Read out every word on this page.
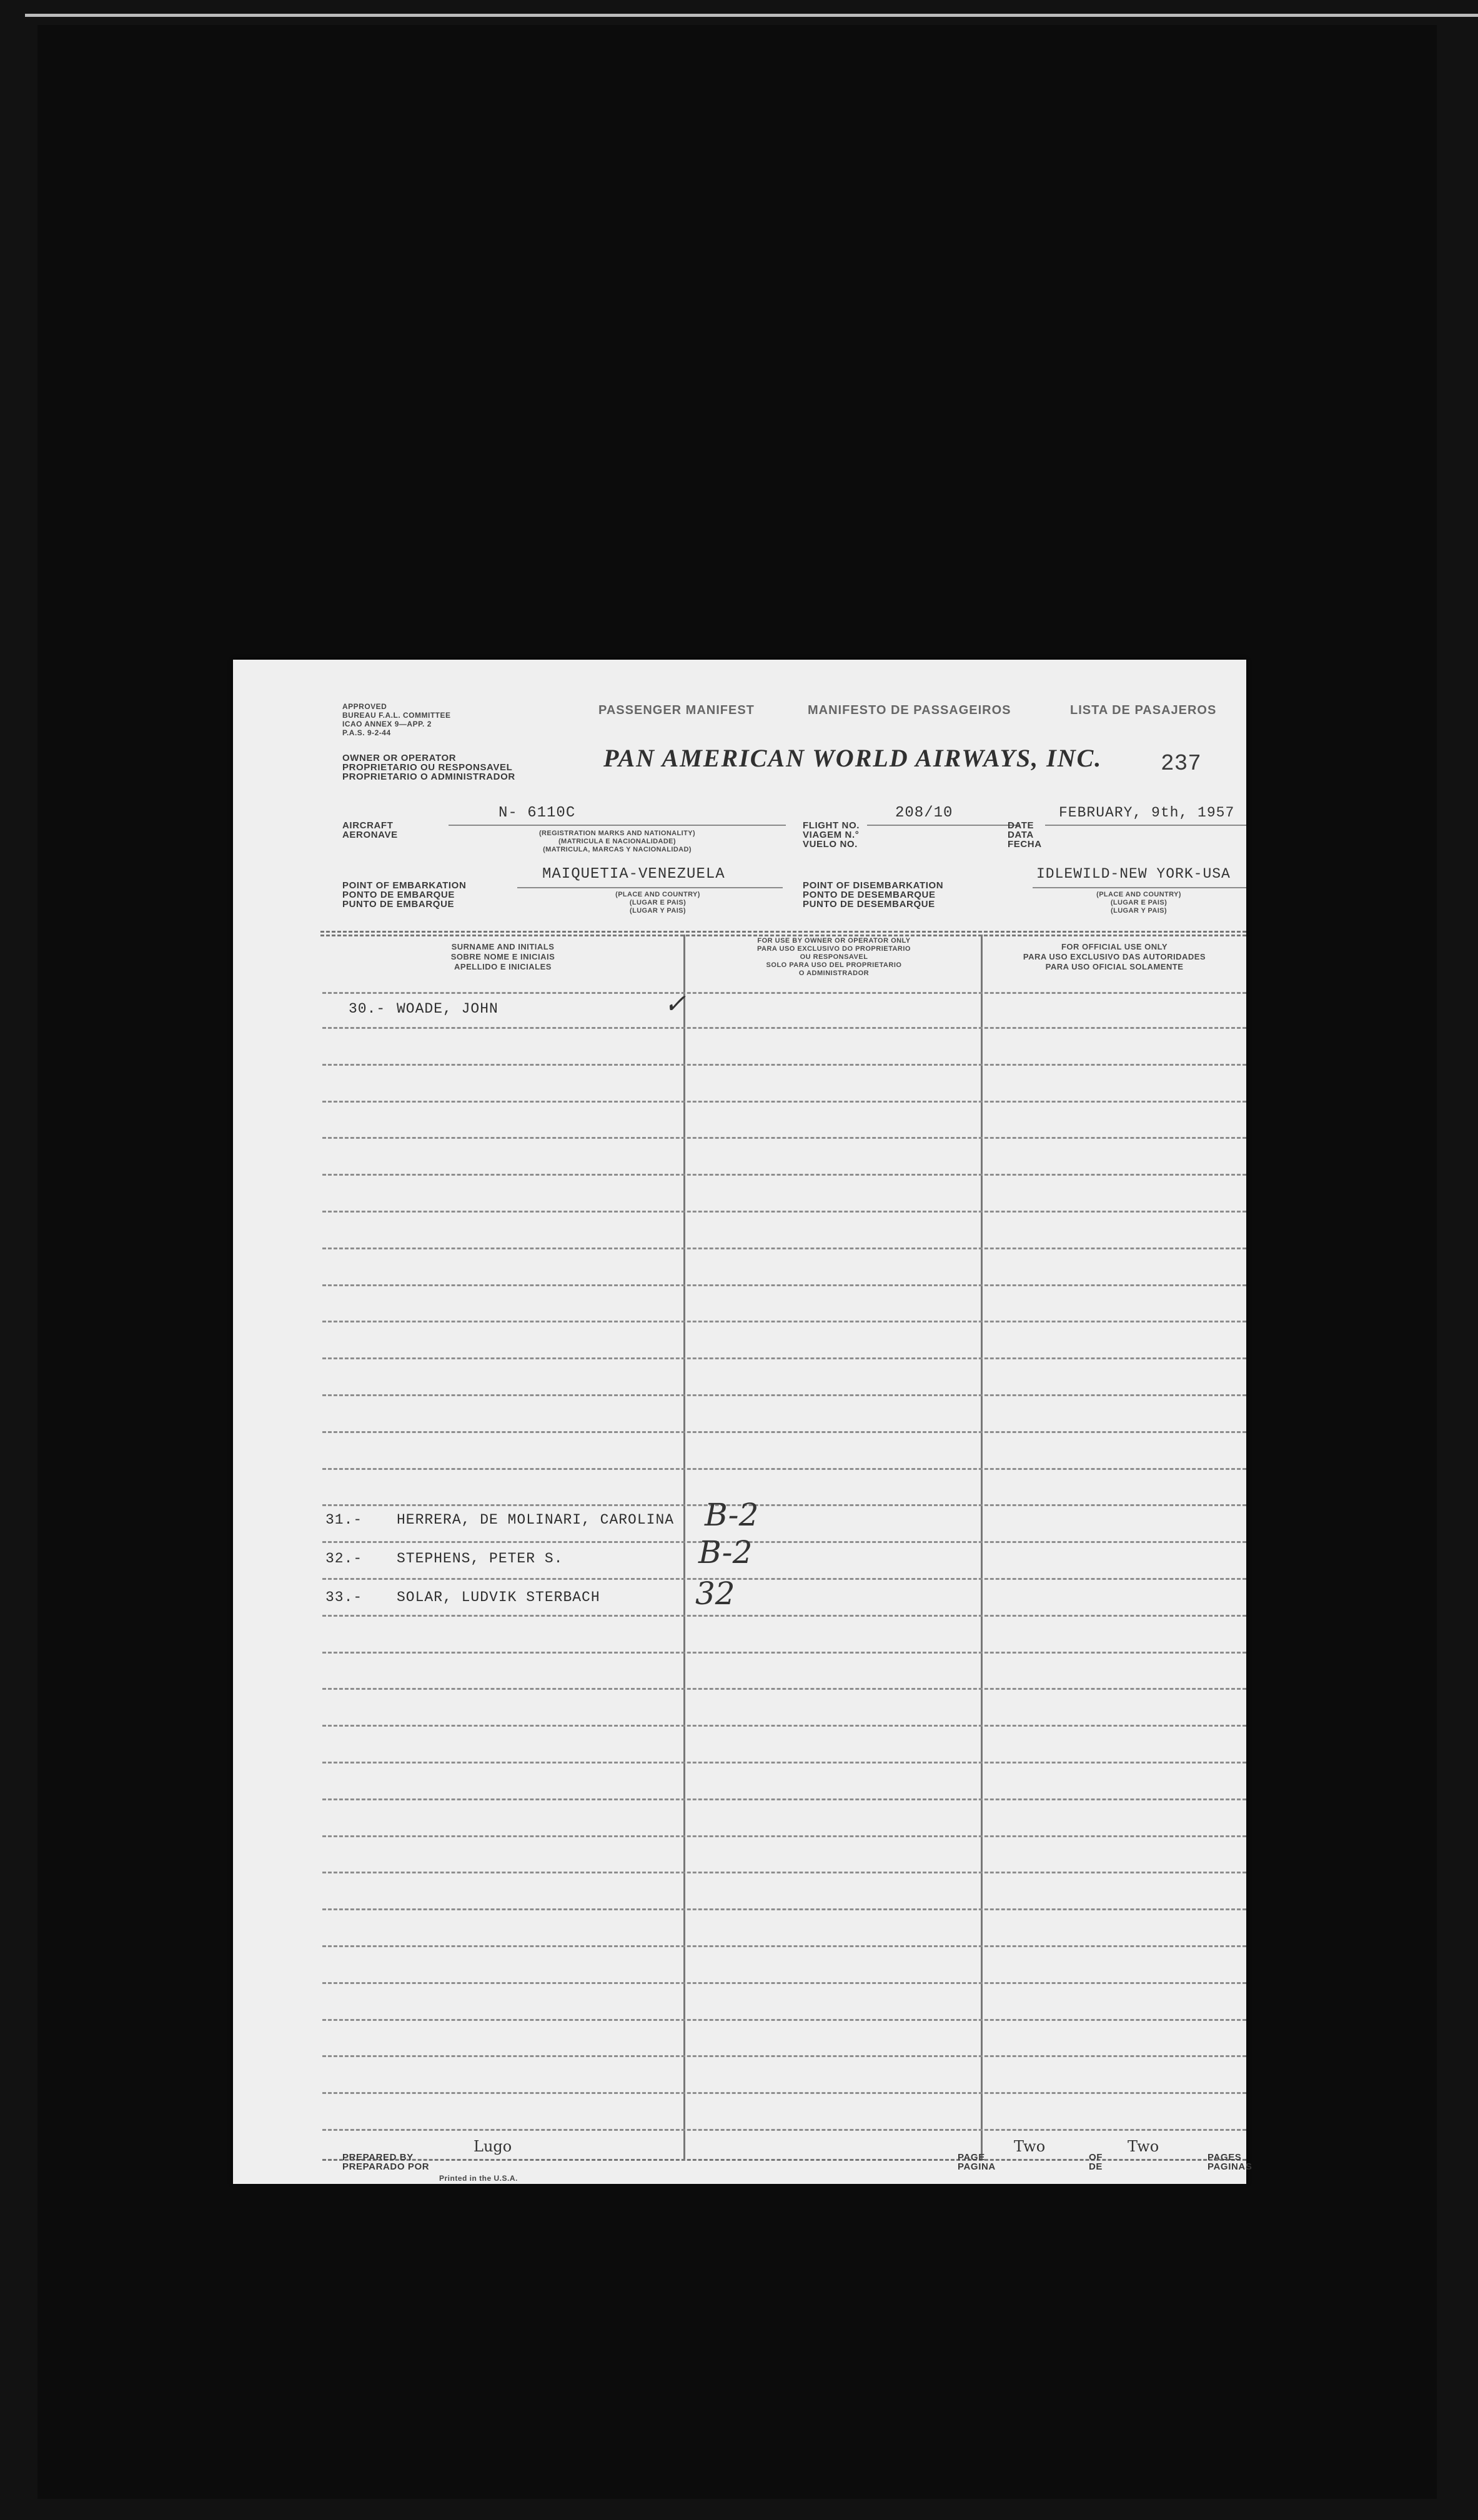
APPROVED
BUREAU F.A.L. COMMITTEE
ICAO ANNEX 9—APP. 2
P.A.S. 9-2-44
PASSENGER MANIFEST	MANIFESTO DE PASSAGEIROS	LISTA DE PASAJEROS
OWNER OR OPERATOR
PROPRIETARIO OU RESPONSAVEL
PROPRIETARIO O ADMINISTRADOR
PAN AMERICAN WORLD AIRWAYS, INC.	237
AIRCRAFT
AERONAVE
N- 6110C
(REGISTRATION MARKS AND NATIONALITY)
(MATRICULA E NACIONALIDADE)
(MATRICULA, MARCAS Y NACIONALIDAD)
FLIGHT NO.
VIAGEM N.°
VUELO NO.
208/10
DATE
DATA
FECHA
FEBRUARY, 9th, 1957
POINT OF EMBARKATION
PONTO DE EMBARQUE
PUNTO DE EMBARQUE
MAIQUETIA-VENEZUELA
(PLACE AND COUNTRY)
(LUGAR E PAIS)
(LUGAR Y PAIS)
POINT OF DISEMBARKATION
PONTO DE DESEMBARQUE
PUNTO DE DESEMBARQUE
IDLEWILD-NEW YORK-USA
(PLACE AND COUNTRY)
(LUGAR E PAIS)
(LUGAR Y PAIS)
SURNAME AND INITIALS
SOBRE NOME E INICIAIS
APELLIDO E INICIALES
FOR USE BY OWNER OR OPERATOR ONLY
PARA USO EXCLUSIVO DO PROPRIETARIO
OU RESPONSAVEL
SOLO PARA USO DEL PROPRIETARIO
O ADMINISTRADOR
FOR OFFICIAL USE ONLY
PARA USO EXCLUSIVO DAS AUTORIDADES
PARA USO OFICIAL SOLAMENTE
30.- WOADE, JOHN	✓
31.- HERRERA, DE MOLINARI, CAROLINA B-2
32.- STEPHENS, PETER S.	B-2
33.- SOLAR, LUDVIK STERBACH	32
PREPARED BY
PREPARADO POR
Lugo
Printed in the U.S.A.
PAGE
PAGINA
Two
OF
DE
Two
PAGES
PAGINAS
